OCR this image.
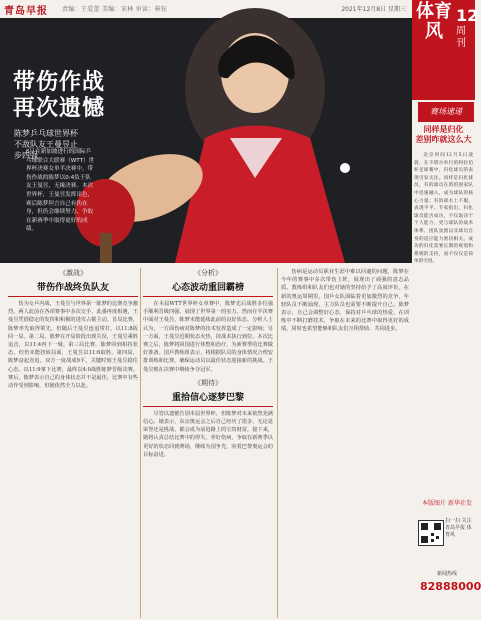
青岛早报 责编：王爱蕾 美编：宋林 审读：崔钰	2021年12月8日 星期三 体育风
12
周刊
带伤作战
再次遗憾
陈梦乒乓球世界杯不敌队友王曼昱止步四强
6日在新加坡进行的国际乒乓球联合大联赛（WTT）世界杯决赛女单半决赛中，带伤作战的陈梦以0:4负于队友王曼昱，无缘决赛。本次世界杯，王曼昱发挥出色，赛后陈梦坦言自己有伤在身，但仍会继续努力，争取在新赛季中取得更好的成绩。
《激战》
带伤作战终负队友

伤为女乒内战，王曼昱与世界第一陈梦的比赛竞争激烈。两人此前在各项赛事中多次交手，此番再度相遇，王曼昱凭借稳定的发挥和积极的进攻占据主动。首局比赛，陈梦率先取得领先，但随后王曼昱连追带打，以11:8扳回一局。第二局，陈梦在开局阶段出现失误，王曼昱乘胜追击，以11:4再下一城。第三局比赛，陈梦回到相持状态，但仍未能扭转局面，王曼昱以11:6取胜。第四局，陈梦奋起直追，双方一度战成9平，关键时刻王曼昱稳住心态，以11:9拿下比赛，最终以4:0战胜陈梦晋级决赛。赛后，陈梦表示自己的身体状态并不是最佳，比赛中有些动作受到影响，但她依然全力以赴。

《分析》
心态波动重回霸榜

在本届WTT世界杯女单赛中，陈梦先后战胜多位强手顺利晋级四强，展现了世界第一的实力。然而在半决赛中面对王曼昱，陈梦未能延续此前的良好状态。分析人士认为，一方面伤病对陈梦的技术发挥造成了一定影响；另一方面，王曼昱近期状态火热，技战术执行到位。本次比赛之后，陈梦将回国进行休整和治疗，为新赛季的比赛做好准备。国乒教练组表示，将根据队员的身体情况合理安排训练和比赛，确保运动员以最佳状态迎接新的挑战。王曼昱则在决赛中继续争夺冠军。

《期待》
重拾信心逐梦巴黎

尽管以遗憾告别本届世界杯，但陈梦对未来依然充满信心。她表示，东京奥运会之后自己经历了很多，无论是荣誉还是挑战，都会成为前进路上的宝贵财富。接下来，她将认真总结比赛中的得失，养好伤病，争取在新赛季以更好的状态回到赛场，继续为国争光，向着巴黎奥运会的目标奋进。

伤病是运动员职业生涯中难以回避的问题，陈梦在今年的赛事中多次带伤上阵，展现出了顽强的意志品质。教练组和队友们也对她的坚持给予了高度评价。在新的奥运周期里，国乒女队面临着更加激烈的竞争，年轻队员不断涌现，主力队员也需要不断提升自己。陈梦表示，自己会调整好心态，保持对乒乓球的热爱，在训练中不断打磨技术，争取在未来的比赛中取得更好的成绩，同时也希望能够和队友们互相帮助、共同进步。

赛场速递
同样是归化
差别咋就这么大

北京时间12月5日凌晨，在卡塔尔举行的阿拉伯杯足球赛中，归化球员的表现引发关注。同样是归化球员，有的球员在新的国家队中迅速融入，成为球队的核心力量；有的却水土不服，表现平平。专家指出，归化球员能否成功，不仅取决于个人能力，更与球队的战术体系、团队氛围以及球员自身的适应能力密切相关。成功的归化需要长期的规划和系统的支持，而不仅仅是简单的引进。

本版图片 新华社发
扫一扫 关注 青岛早报 体育风
新闻热线
82888000
